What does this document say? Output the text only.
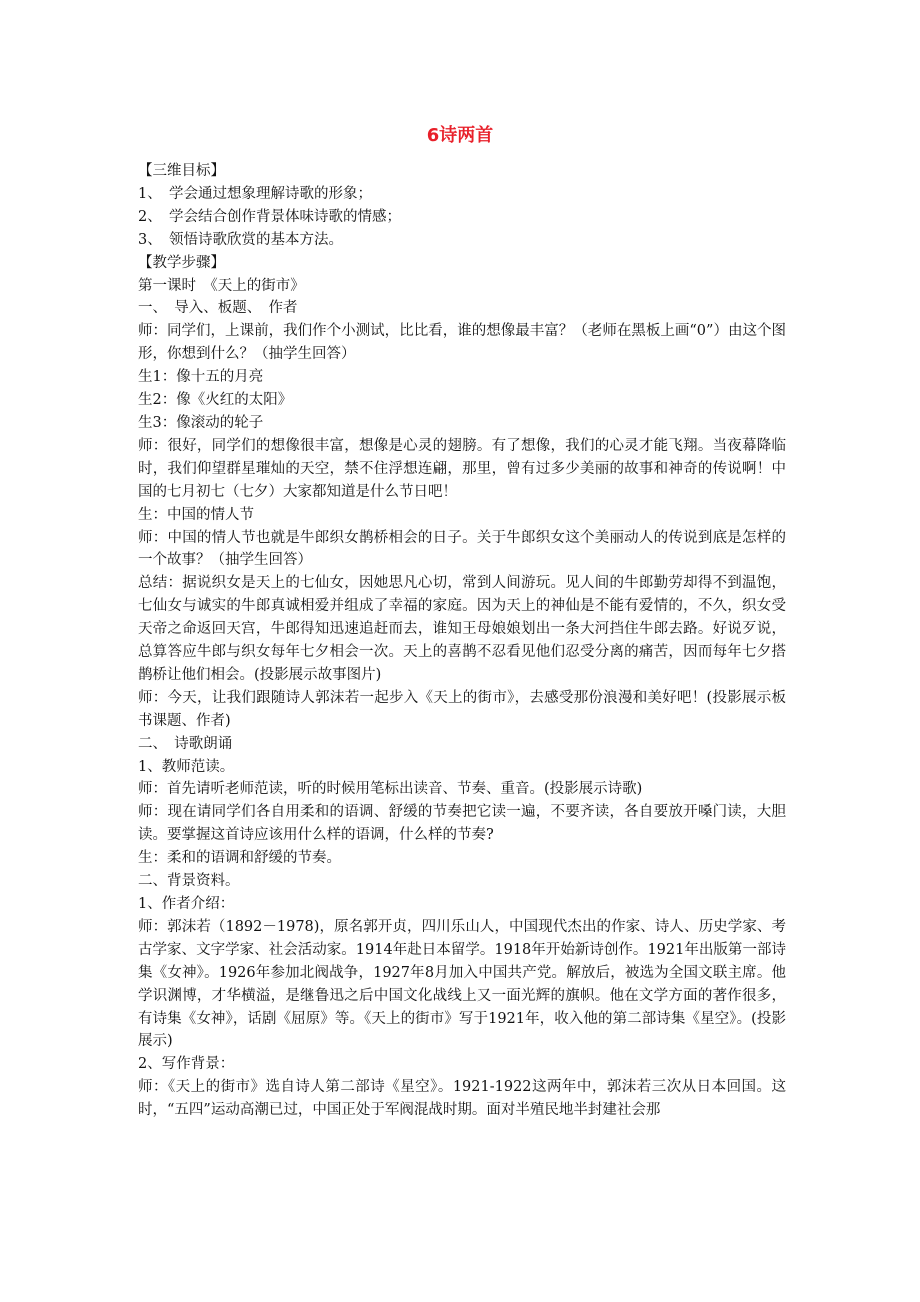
6诗两首

【三维目标】

1、　学会通过想象理解诗歌的形象；

2、　学会结合创作背景体味诗歌的情感；

3、　领悟诗歌欣赏的基本方法。

【教学步骤】

第一课时　《天上的街市》

一、　导入、板题、　作者

师：同学们，上课前，我们作个小测试，比比看，谁的想像最丰富？（老师在黑板上画“0”）由这个图形，你想到什么？（抽学生回答）

生1：像十五的月亮

生2：像《火红的太阳》

生3：像滚动的轮子

师：很好，同学们的想像很丰富，想像是心灵的翅膀。有了想像，我们的心灵才能飞翔。当夜幕降临时，我们仰望群星璀灿的天空，禁不住浮想连翩，那里，曾有过多少美丽的故事和神奇的传说啊！中国的七月初七（七夕）大家都知道是什么节日吧！

生：中国的情人节

师：中国的情人节也就是牛郎织女鹊桥相会的日子。关于牛郎织女这个美丽动人的传说到底是怎样的一个故事？（抽学生回答）

总结：据说织女是天上的七仙女，因她思凡心切，常到人间游玩。见人间的牛郎勤劳却得不到温饱，七仙女与诚实的牛郎真诚相爱并组成了幸福的家庭。因为天上的神仙是不能有爱情的，不久，织女受天帝之命返回天宫，牛郎得知迅速追赶而去，谁知王母娘娘划出一条大河挡住牛郎去路。好说歹说，总算答应牛郎与织女每年七夕相会一次。天上的喜鹊不忍看见他们忍受分离的痛苦，因而每年七夕搭鹊桥让他们相会。(投影展示故事图片)

师：今天，让我们跟随诗人郭沫若一起步入《天上的街市》，去感受那份浪漫和美好吧！(投影展示板书课题、作者)

二、　诗歌朗诵

1、教师范读。

师：首先请听老师范读，听的时候用笔标出读音、节奏、重音。(投影展示诗歌)

师：现在请同学们各自用柔和的语调、舒缓的节奏把它读一遍，不要齐读，各自要放开嗓门读，大胆读。要掌握这首诗应该用什么样的语调，什么样的节奏?

生：柔和的语调和舒缓的节奏。

二、背景资料。

1、作者介绍：

师：郭沫若（1892－1978)，原名郭开贞，四川乐山人，中国现代杰出的作家、诗人、历史学家、考古学家、文字学家、社会活动家。1914年赴日本留学。1918年开始新诗创作。1921年出版第一部诗集《女神》。1926年参加北阀战争，1927年8月加入中国共产党。解放后，被选为全国文联主席。他学识渊博，才华横溢，是继鲁迅之后中国文化战线上又一面光辉的旗帜。他在文学方面的著作很多，有诗集《女神》，话剧《屈原》等。《天上的街市》写于1921年，收入他的第二部诗集《星空》。(投影展示)

2、写作背景：

师：《天上的街市》选自诗人第二部诗《星空》。1921-1922这两年中，郭沫若三次从日本回国。这时，“五四”运动高潮已过，中国正处于军阀混战时期。面对半殖民地半封建社会那
